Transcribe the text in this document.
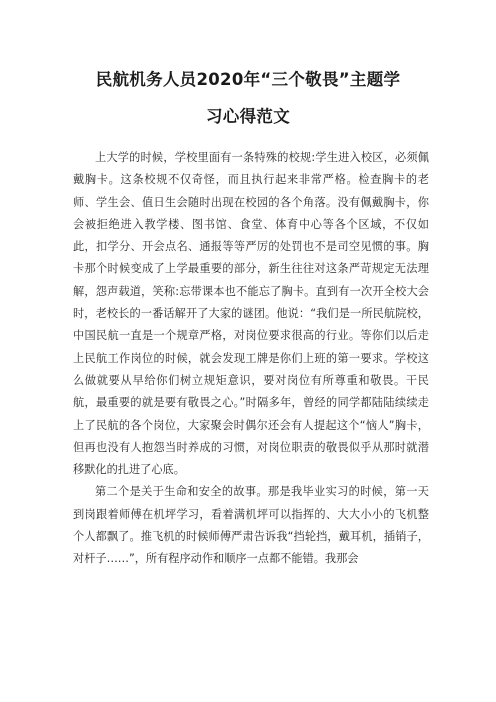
民航机务人员2020年“三个敬畏”主题学
习心得范文

上大学的时候，学校里面有一条特殊的校规:学生进入校区，必须佩戴胸卡。这条校规不仅奇怪，而且执行起来非常严格。检查胸卡的老师、学生会、值日生会随时出现在校园的各个角落。没有佩戴胸卡，你会被拒绝进入教学楼、图书馆、食堂、体育中心等各个区域，不仅如此，扣学分、开会点名、通报等等严厉的处罚也不是司空见惯的事。胸卡那个时候变成了上学最重要的部分，新生往往对这条严苛规定无法理解，怨声载道，笑称:忘带课本也不能忘了胸卡。直到有一次开全校大会时，老校长的一番话解开了大家的谜团。他说：“我们是一所民航院校，中国民航一直是一个规章严格，对岗位要求很高的行业。等你们以后走上民航工作岗位的时候，就会发现工牌是你们上班的第一要求。学校这么做就要从早给你们树立规矩意识，要对岗位有所尊重和敬畏。干民航，最重要的就是要有敬畏之心。”时隔多年，曾经的同学都陆陆续续走上了民航的各个岗位，大家聚会时偶尔还会有人提起这个“恼人”胸卡，但再也没有人抱怨当时养成的习惯，对岗位职责的敬畏似乎从那时就潜移默化的扎进了心底。

第二个是关于生命和安全的故事。那是我毕业实习的时候，第一天到岗跟着师傅在机坪学习，看着满机坪可以指挥的、大大小小的飞机整个人都飘了。推飞机的时候师傅严肃告诉我“挡轮挡，戴耳机，插销子，对杆子……”，所有程序动作和顺序一点都不能错。我那会
